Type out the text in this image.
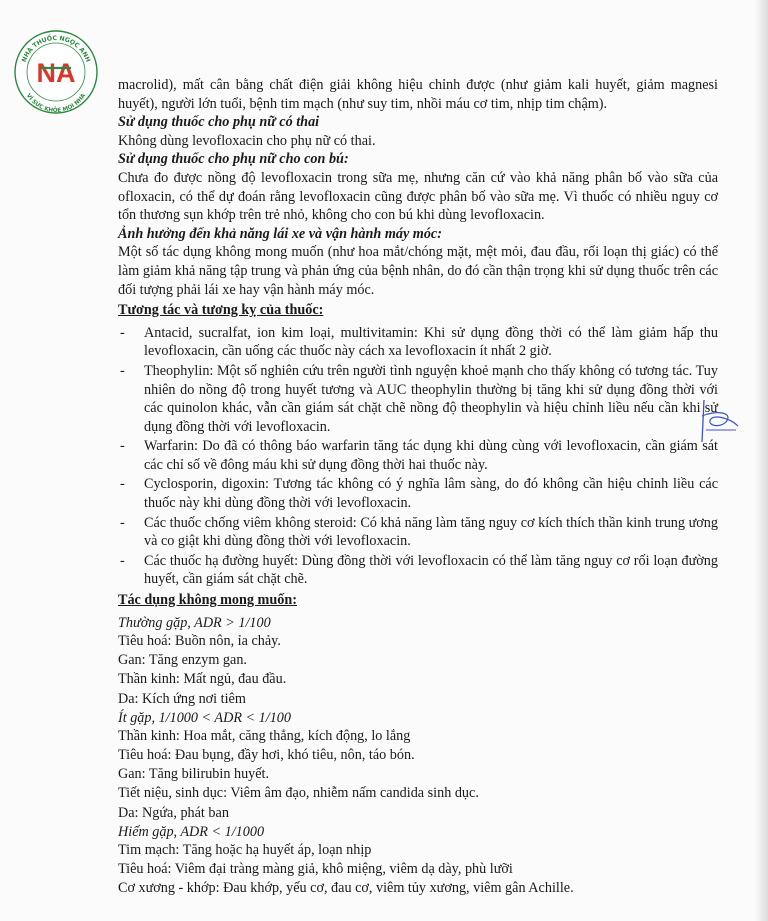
NHÀ THUỐC NGỌC ANH
VÌ SỨC KHỎE MỌI NHÀ
NA	macrolid), mất cân bằng chất điện giải không hiệu chỉnh được (như giảm kali huyết, giảm magnesi huyết), người lớn tuổi, bệnh tim mạch (như suy tim, nhồi máu cơ tim, nhịp tim chậm).

Sử dụng thuốc cho phụ nữ có thai

Không dùng levofloxacin cho phụ nữ có thai.

Sử dụng thuốc cho phụ nữ cho con bú:

Chưa đo được nồng độ levofloxacin trong sữa mẹ, nhưng căn cứ vào khả năng phân bố vào sữa của ofloxacin, có thể dự đoán rằng levofloxacin cũng được phân bố vào sữa mẹ. Vì thuốc có nhiều nguy cơ tổn thương sụn khớp trên trẻ nhỏ, không cho con bú khi dùng levofloxacin.

Ảnh hưởng đến khả năng lái xe và vận hành máy móc:

Một số tác dụng không mong muốn (như hoa mắt/chóng mặt, mệt mỏi, đau đầu, rối loạn thị giác) có thể làm giảm khả năng tập trung và phản ứng của bệnh nhân, do đó cần thận trọng khi sử dụng thuốc trên các đối tượng phải lái xe hay vận hành máy móc.

Tương tác và tương kỵ của thuốc:

- Antacid, sucralfat, ion kim loại, multivitamin: Khi sử dụng đồng thời có thể làm giảm hấp thu levofloxacin, cần uống các thuốc này cách xa levofloxacin ít nhất 2 giờ.
- Theophylin: Một số nghiên cứu trên người tình nguyện khoẻ mạnh cho thấy không có tương tác. Tuy nhiên do nồng độ trong huyết tương và AUC theophylin thường bị tăng khi sử dụng đồng thời với các quinolon khác, vẫn cần giám sát chặt chẽ nồng độ theophylin và hiệu chỉnh liều nếu cần khi sử dụng đồng thời với levofloxacin.
- Warfarin: Do đã có thông báo warfarin tăng tác dụng khi dùng cùng với levofloxacin, cần giám sát các chỉ số về đông máu khi sử dụng đồng thời hai thuốc này.
- Cyclosporin, digoxin: Tương tác không có ý nghĩa lâm sàng, do đó không cần hiệu chỉnh liều các thuốc này khi dùng đồng thời với levofloxacin.
- Các thuốc chống viêm không steroid: Có khả năng làm tăng nguy cơ kích thích thần kinh trung ương và co giật khi dùng đồng thời với levofloxacin.
- Các thuốc hạ đường huyết: Dùng đồng thời với levofloxacin có thể làm tăng nguy cơ rối loạn đường huyết, cần giám sát chặt chẽ.

Tác dụng không mong muốn:

Thường gặp, ADR > 1/100

Tiêu hoá: Buồn nôn, ỉa chảy.

Gan: Tăng enzym gan.

Thần kinh: Mất ngủ, đau đầu.

Da: Kích ứng nơi tiêm

Ít gặp, 1/1000 < ADR < 1/100

Thần kinh: Hoa mắt, căng thẳng, kích động, lo lắng

Tiêu hoá: Đau bụng, đầy hơi, khó tiêu, nôn, táo bón.

Gan: Tăng bilirubin huyết.

Tiết niệu, sinh dục: Viêm âm đạo, nhiễm nấm candida sinh dục.

Da: Ngứa, phát ban

Hiếm gặp, ADR < 1/1000

Tim mạch: Tăng hoặc hạ huyết áp, loạn nhịp

Tiêu hoá: Viêm đại tràng màng giả, khô miệng, viêm dạ dày, phù lưỡi

Cơ xương - khớp: Đau khớp, yếu cơ, đau cơ, viêm tủy xương, viêm gân Achille.
